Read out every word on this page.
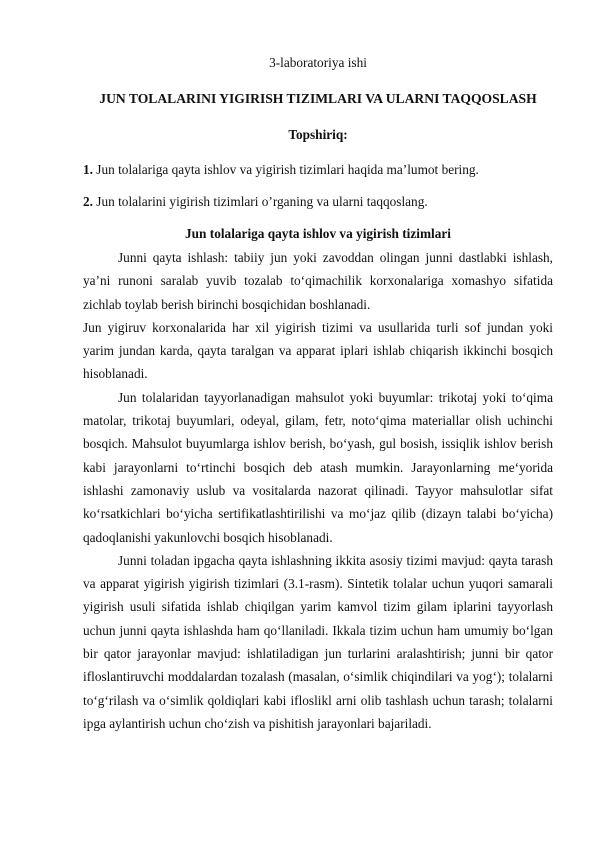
3-laboratoriya ishi

JUN TOLALARINI YIGIRISH TIZIMLARI VA ULARNI TAQQOSLASH

Topshiriq:

1. Jun tolalariga qayta ishlov va yigirish tizimlari haqida ma’lumot bering.

2. Jun tolalarini yigirish tizimlari o’rganing va ularni taqqoslang.

Jun tolalariga qayta ishlov va yigirish tizimlari

Junni qayta ishlash: tabiiy jun yoki zavoddan olingan junni dastlabki ishlash, ya’ni runoni saralab yuvib tozalab to‘qimachilik korxonalariga xomashyo sifatida zichlab toylab berish birinchi bosqichidan boshlanadi.

Jun yigiruv korxonalarida har xil yigirish tizimi va usullarida turli sof jundan yoki yarim jundan karda, qayta taralgan va apparat iplari ishlab chiqarish ikkinchi bosqich hisoblanadi.

Jun tolalaridan tayyorlanadigan mahsulot yoki buyumlar: trikotaj yoki to‘qima matolar, trikotaj buyumlari, odeyal, gilam, fetr, noto‘qima materiallar olish uchinchi bosqich. Mahsulot buyumlarga ishlov berish, bo‘yash, gul bosish, issiqlik ishlov berish kabi jarayonlarni to‘rtinchi bosqich deb atash mumkin. Jarayonlarning me‘yorida ishlashi zamonaviy uslub va vositalarda nazorat qilinadi. Tayyor mahsulotlar sifat ko‘rsatkichlari bo‘yicha sertifikatlashtirilishi va mo‘jaz qilib (dizayn talabi bo‘yicha) qadoqlanishi yakunlovchi bosqich hisoblanadi.

Junni toladan ipgacha qayta ishlashning ikkita asosiy tizimi mavjud: qayta tarash va apparat yigirish yigirish tizimlari (3.1-rasm). Sintetik tolalar uchun yuqori samarali yigirish usuli sifatida ishlab chiqilgan yarim kamvol tizim gilam iplarini tayyorlash uchun junni qayta ishlashda ham qo‘llaniladi. Ikkala tizim uchun ham umumiy bo‘lgan bir qator jarayonlar mavjud: ishlatiladigan jun turlarini aralashtirish; junni bir qator ifloslantiruvchi moddalardan tozalash (masalan, o‘simlik chiqindilari va yog‘); tolalarni to‘g‘rilash va o‘simlik qoldiqlari kabi ifloslikl arni olib tashlash uchun tarash; tolalarni ipga aylantirish uchun cho‘zish va pishitish jarayonlari bajariladi.
